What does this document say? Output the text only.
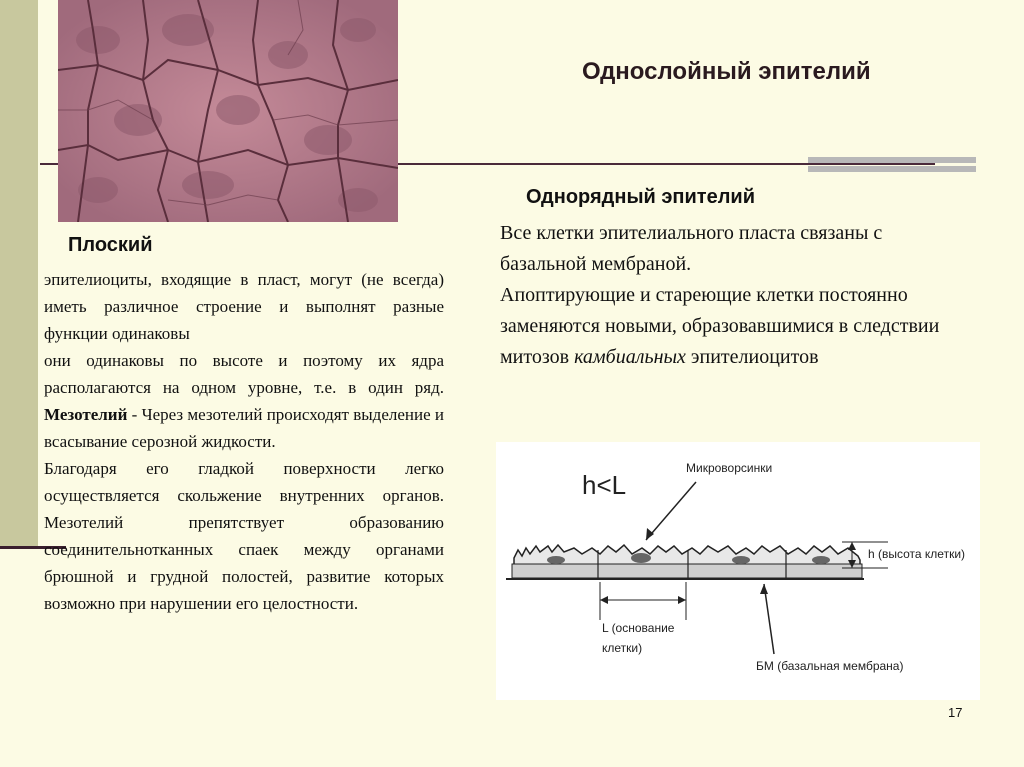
Однослойный эпителий
Плоский

эпителиоциты, входящие в пласт, могут (не всегда) иметь различное строение и выполнят разные функции одинаковы

они одинаковы по высоте и поэтому их ядра располагаются на одном уровне, т.е. в один ряд. Мезотелий - Через мезотелий происходят выделение и всасывание серозной жидкости.

Благодаря его гладкой поверхности легко осуществляется скольжение внутренних органов. Мезотелий препятствует образованию соединительнотканных спаек между органами брюшной и грудной полостей, развитие которых возможно при нарушении его целостности.

Однорядный эпителий

Все клетки эпителиального пласта связаны с базальной мембраной.

Апоптирующие и стареющие клетки постоянно заменяются новыми, образовавшимися в следствии митозов камбиальных эпителиоцитов

h<L
Микроворсинки
h (высота клетки)
L (основание
клетки)
БМ (базальная мембрана)
17
